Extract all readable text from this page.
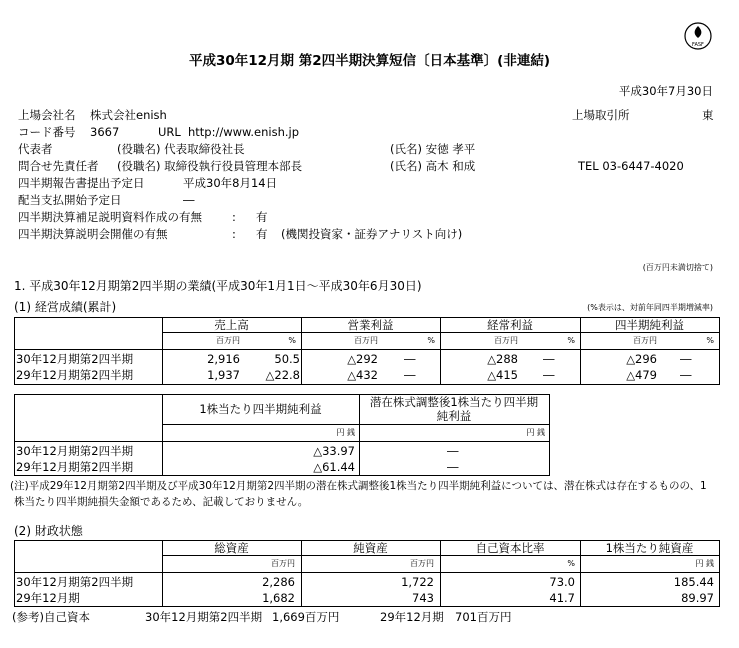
FASF
平成30年12月期 第2四半期決算短信〔日本基準〕(非連結)
平成30年7月30日
上場会社名 株式会社enish	上場取引所	東
コード番号 3667	URL http://www.enish.jp
代表者	(役職名) 代表取締役社長	(氏名) 安徳 孝平
問合せ先責任者 (役職名) 取締役執行役員管理本部長	(氏名) 高木 和成	TEL 03-6447-4020
四半期報告書提出予定日	平成30年8月14日
配当支払開始予定日	―
四半期決算補足説明資料作成の有無	: 有
四半期決算説明会開催の有無	: 有 (機関投資家・証券アナリスト向け)
(百万円未満切捨て)
1. 平成30年12月期第2四半期の業績(平成30年1月1日～平成30年6月30日)
(1) 経営成績(累計)	(%表示は、対前年同四半期増減率)
売上高	営業利益	経常利益	四半期純利益
百万円	%	百万円	%	百万円	%	百万円	%
30年12月期第2四半期	2,916	50.5	△292 ―	△288 ―	△296 ―
29年12月期第2四半期	1,937	△22.8	△432 ―	△415 ―	△479 ―
1株当たり四半期純利益	潜在株式調整後1株当たり四半期
純利益
円 銭	円 銭
30年12月期第2四半期	△33.97	―
29年12月期第2四半期	△61.44	―
(注)平成29年12月期第2四半期及び平成30年12月期第2四半期の潜在株式調整後1株当たり四半期純利益については、潜在株式は存在するものの、1
株当たり四半期純損失金額であるため、記載しておりません。
(2) 財政状態
総資産	純資産	自己資本比率	1株当たり純資産
百万円	百万円	%	円 銭
30年12月期第2四半期	2,286	1,722	73.0	185.44
29年12月期	1,682	743	41.7	89.97
(参考)自己資本	30年12月期第2四半期 1,669百万円	29年12月期 701百万円
